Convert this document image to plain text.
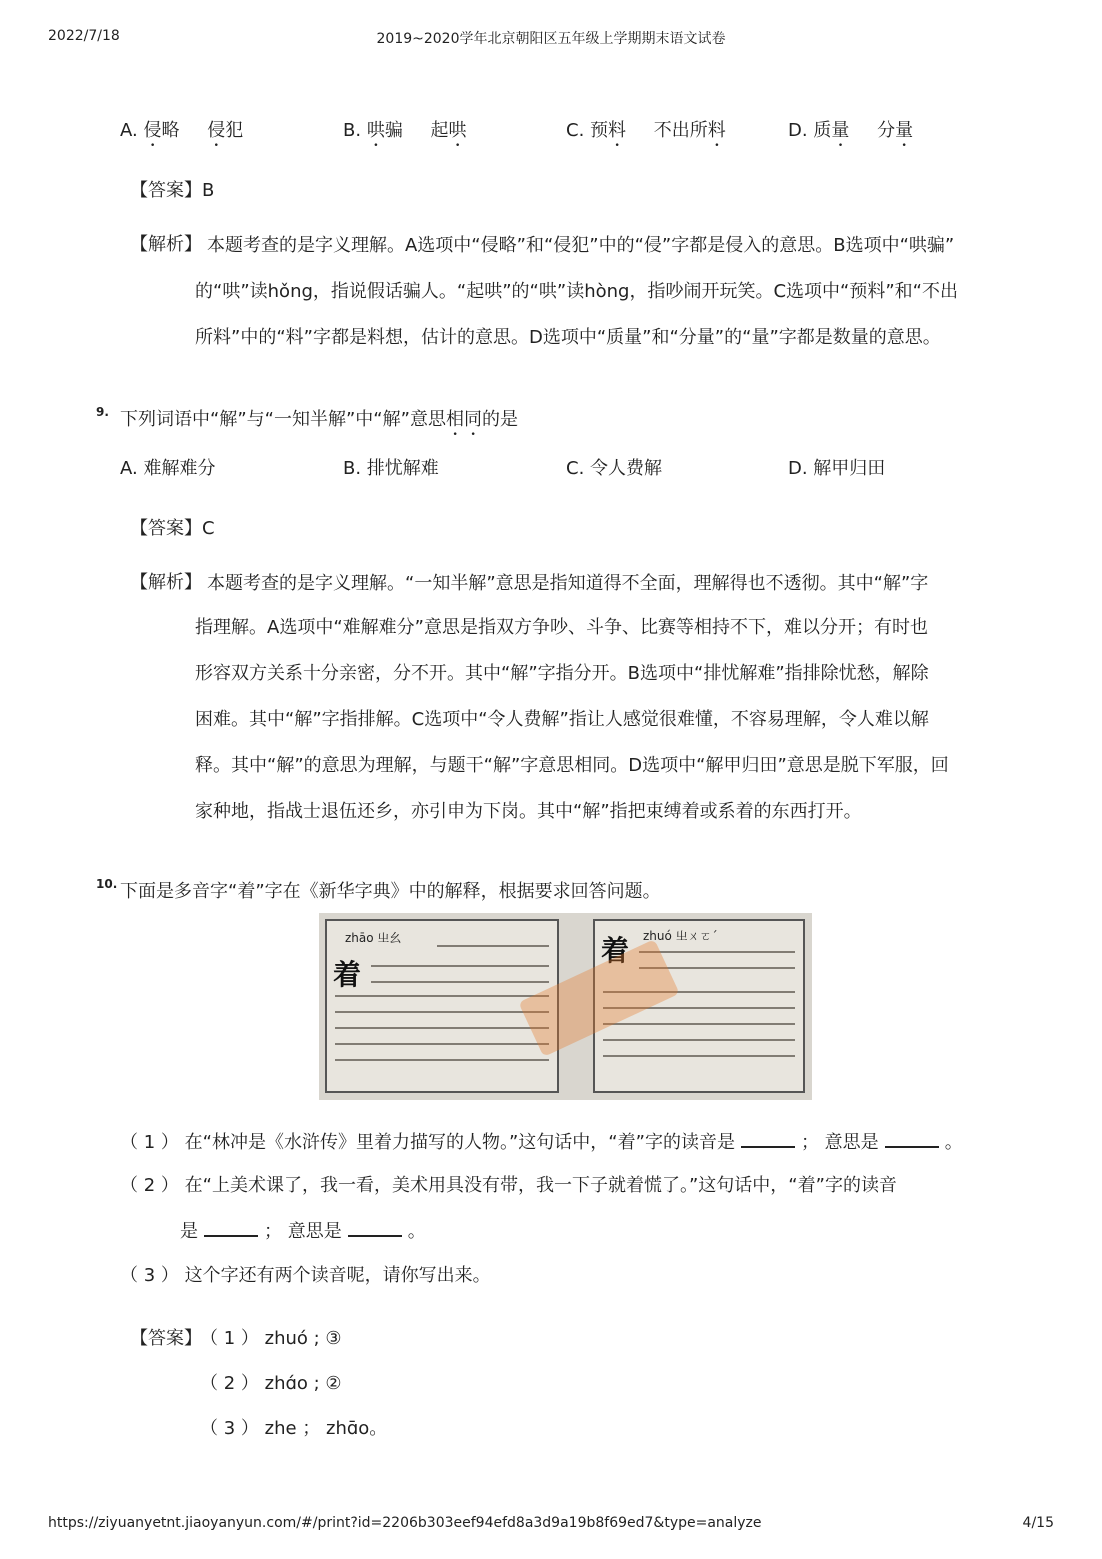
2022/7/18	2019~2020学年北京朝阳区五年级上学期期末语文试卷
A. 侵略 侵犯	B. 哄骗 起哄	C. 预料 不出所料	D. 质量 分量
【答案】B
【解析】 本题考查的是字义理解。A选项中“侵略”和“侵犯”中的“侵”字都是侵入的意思。B选项中“哄骗”
的“哄”读hǒng，指说假话骗人。“起哄”的“哄”读hòng，指吵闹开玩笑。C选项中“预料”和“不出
所料”中的“料”字都是料想，估计的意思。D选项中“质量”和“分量”的“量”字都是数量的意思。
9. 下列词语中“解”与“一知半解”中“解”意思相同的是
A. 难解难分	B. 排忧解难	C. 令人费解	D. 解甲归田
【答案】C
【解析】 本题考查的是字义理解。“一知半解”意思是指知道得不全面，理解得也不透彻。其中“解”字
指理解。A选项中“难解难分”意思是指双方争吵、斗争、比赛等相持不下，难以分开；有时也
形容双方关系十分亲密，分不开。其中“解”字指分开。B选项中“排忧解难”指排除忧愁，解除
困难。其中“解”字指排解。C选项中“令人费解”指让人感觉很难懂，不容易理解，令人难以解
释。其中“解”的意思为理解，与题干“解”字意思相同。D选项中“解甲归田”意思是脱下军服，回
家种地，指战士退伍还乡，亦引申为下岗。其中“解”指把束缚着或系着的东西打开。
10. 下面是多音字“着”字在《新华字典》中的解释，根据要求回答问题。
zhāo 㞢幺
着
着 zhuó 㞢ㄨㄛˊ
（ 1 ） 在“林冲是《水浒传》里着力描写的人物。”这句话中，“着”字的读音是	； 意思是	。
（ 2 ） 在“上美术课了，我一看，美术用具没有带，我一下子就着慌了。”这句话中，“着”字的读音
是	； 意思是	。
（ 3 ） 这个字还有两个读音呢，请你写出来。
【答案】
（ 1 ） zhuó ; ③
（ 2 ） zhɑ́o ; ②
（ 3 ） zhe ； zhɑ̄o。
https://ziyuanyetnt.jiaoyanyun.com/#/print?id=2206b303eef94efd8a3d9a19b8f69ed7&type=analyze	4/15
